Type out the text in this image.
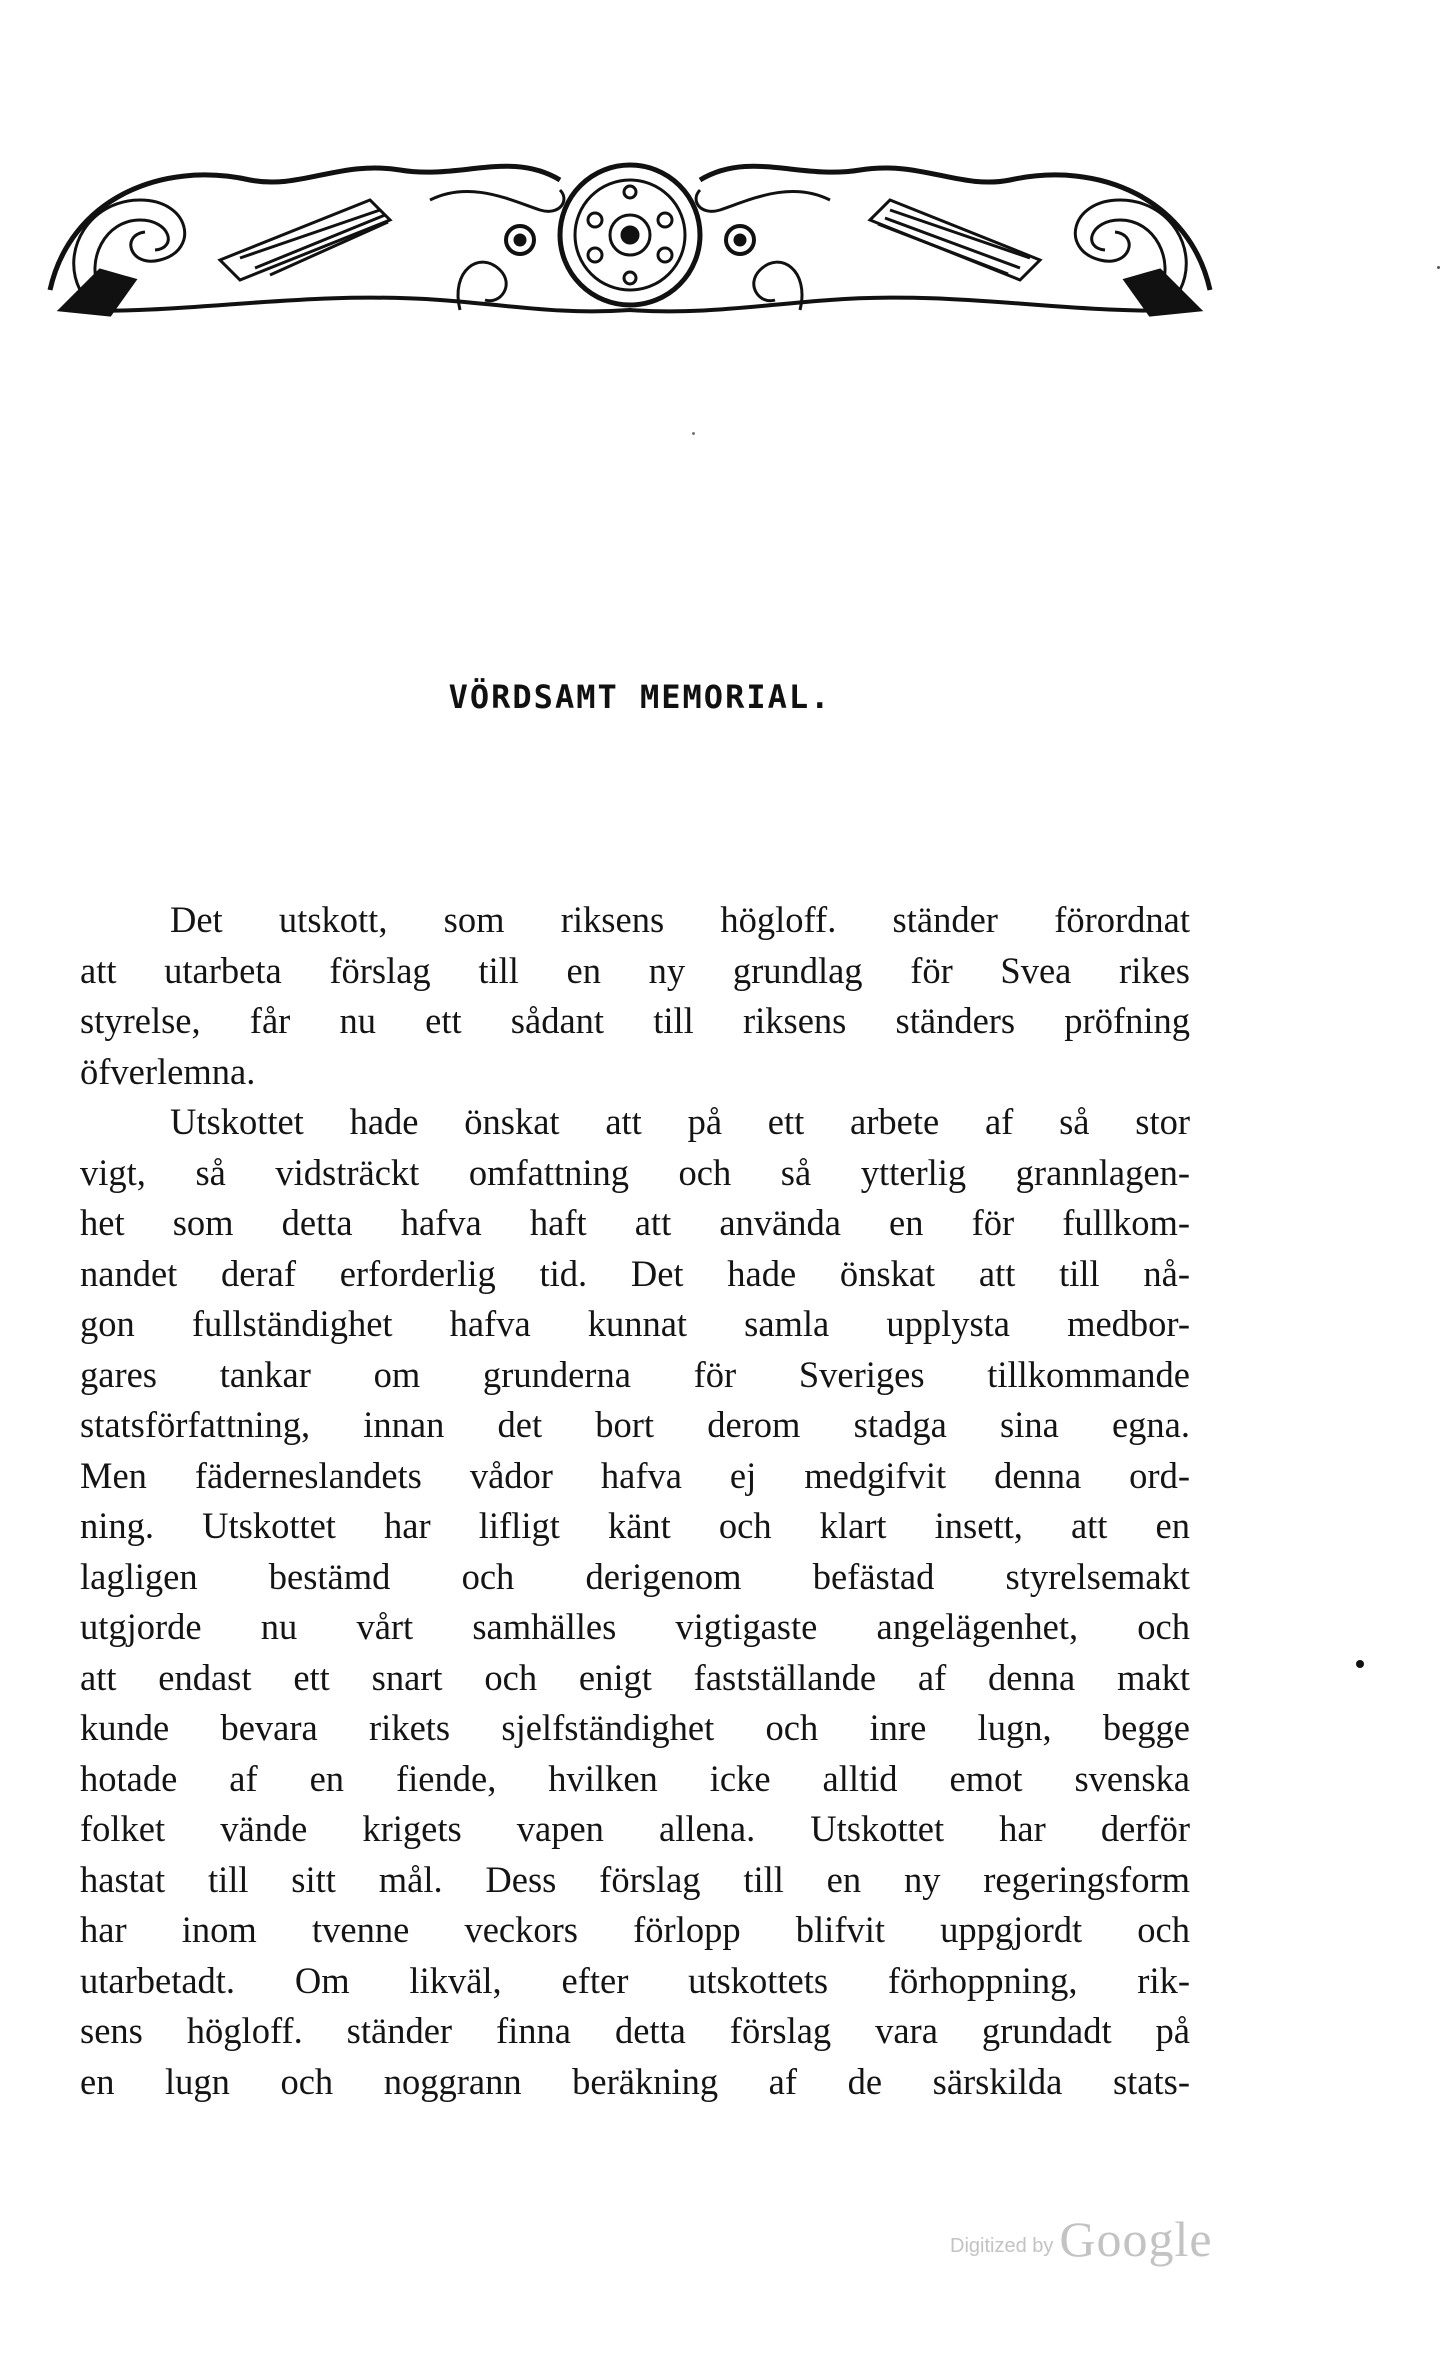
VÖRDSAMT MEMORIAL.
Det utskott, som riksens högloff. ständer förordnat
att utarbeta förslag till en ny grundlag för Svea rikes
styrelse, får nu ett sådant till riksens ständers pröfning
öfverlemna.
Utskottet hade önskat att på ett arbete af så stor
vigt, så vidsträckt omfattning och så ytterlig grannlagen-
het som detta hafva haft att använda en för fullkom-
nandet deraf erforderlig tid. Det hade önskat att till nå-
gon fullständighet hafva kunnat samla upplysta medbor-
gares tankar om grunderna för Sveriges tillkommande
statsförfattning, innan det bort derom stadga sina egna.
Men fäderneslandets vådor hafva ej medgifvit denna ord-
ning. Utskottet har lifligt känt och klart insett, att en
lagligen bestämd och derigenom befästad styrelsemakt
utgjorde nu vårt samhälles vigtigaste angelägenhet, och
att endast ett snart och enigt fastställande af denna makt
kunde bevara rikets sjelfständighet och inre lugn, begge
hotade af en fiende, hvilken icke alltid emot svenska
folket vände krigets vapen allena. Utskottet har derför
hastat till sitt mål. Dess förslag till en ny regeringsform
har inom tvenne veckors förlopp blifvit uppgjordt och
utarbetadt. Om likväl, efter utskottets förhoppning, rik-
sens högloff. ständer finna detta förslag vara grundadt på
en lugn och noggrann beräkning af de särskilda stats-
Digitized by Google
